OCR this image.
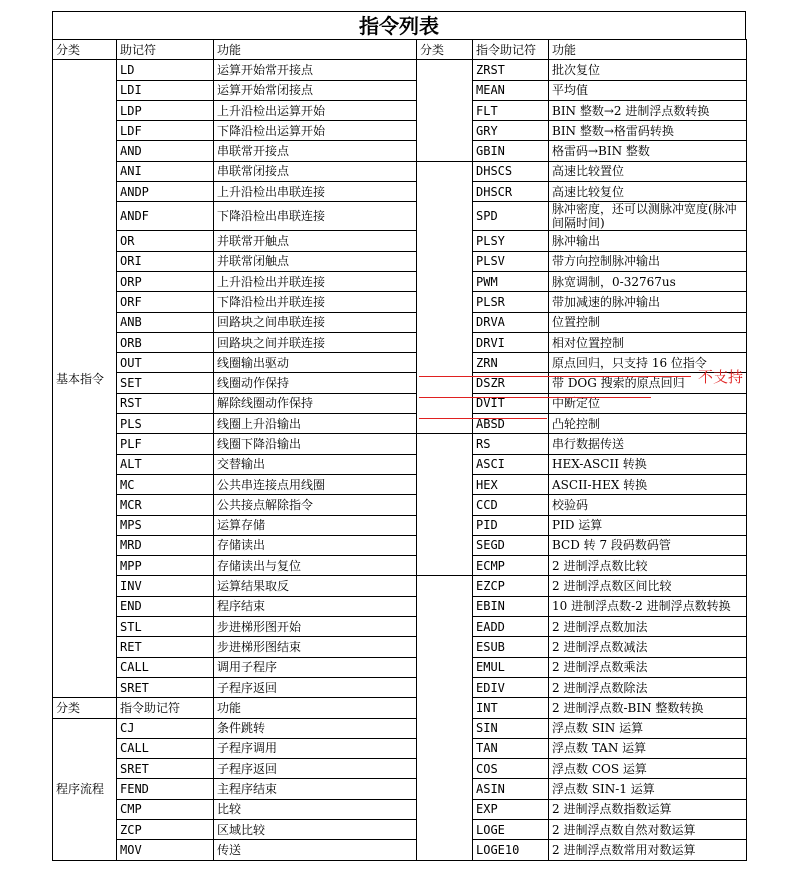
指令列表
分类	助记符	功能	分类	指令助记符	功能
基本指令	LD	运算开始常开接点		ZRST	批次复位
	LDI	运算开始常闭接点		MEAN	平均值
	LDP	上升沿检出运算开始		FLT	BIN 整数→2 进制浮点数转换
	LDF	下降沿检出运算开始		GRY	BIN 整数→格雷码转换
	AND	串联常开接点		GBIN	格雷码→BIN 整数
	ANI	串联常闭接点		DHSCS	高速比较置位
	ANDP	上升沿检出串联连接		DHSCR	高速比较复位
	ANDF	下降沿检出串联连接		SPD	脉冲密度，还可以测脉冲宽度(脉冲间隔时间)
	OR	并联常开触点		PLSY	脉冲输出
	ORI	并联常闭触点		PLSV	带方向控制脉冲输出
	ORP	上升沿检出并联连接		PWM	脉宽调制，0-32767us
	ORF	下降沿检出并联连接		PLSR	带加减速的脉冲输出
	ANB	回路块之间串联连接		DRVA	位置控制
	ORB	回路块之间并联连接		DRVI	相对位置控制
	OUT	线圈输出驱动		ZRN	原点回归，只支持 16 位指令
	SET	线圈动作保持		DSZR	带 DOG 搜索的原点回归
	RST	解除线圈动作保持		DVIT	中断定位
	PLS	线圈上升沿输出		ABSD	凸轮控制
	PLF	线圈下降沿输出		RS	串行数据传送
	ALT	交替输出		ASCI	HEX-ASCII 转换
	MC	公共串连接点用线圈		HEX	ASCII-HEX 转换
	MCR	公共接点解除指令		CCD	校验码
	MPS	运算存储		PID	PID 运算
	MRD	存储读出		SEGD	BCD 转 7 段码数码管
	MPP	存储读出与复位		ECMP	2 进制浮点数比较
	INV	运算结果取反		EZCP	2 进制浮点数区间比较
	END	程序结束		EBIN	10 进制浮点数-2 进制浮点数转换
	STL	步进梯形图开始		EADD	2 进制浮点数加法
	RET	步进梯形图结束		ESUB	2 进制浮点数减法
	CALL	调用子程序		EMUL	2 进制浮点数乘法
	SRET	子程序返回		EDIV	2 进制浮点数除法
分类	指令助记符	功能		INT	2 进制浮点数-BIN 整数转换
程序流程	CJ	条件跳转		SIN	浮点数 SIN 运算
	CALL	子程序调用		TAN	浮点数 TAN 运算
	SRET	子程序返回		COS	浮点数 COS 运算
	FEND	主程序结束		ASIN	浮点数 SIN-1 运算
	CMP	比较		EXP	2 进制浮点数指数运算
	ZCP	区域比较		LOGE	2 进制浮点数自然对数运算
	MOV	传送		LOGE10	2 进制浮点数常用对数运算
不支持
